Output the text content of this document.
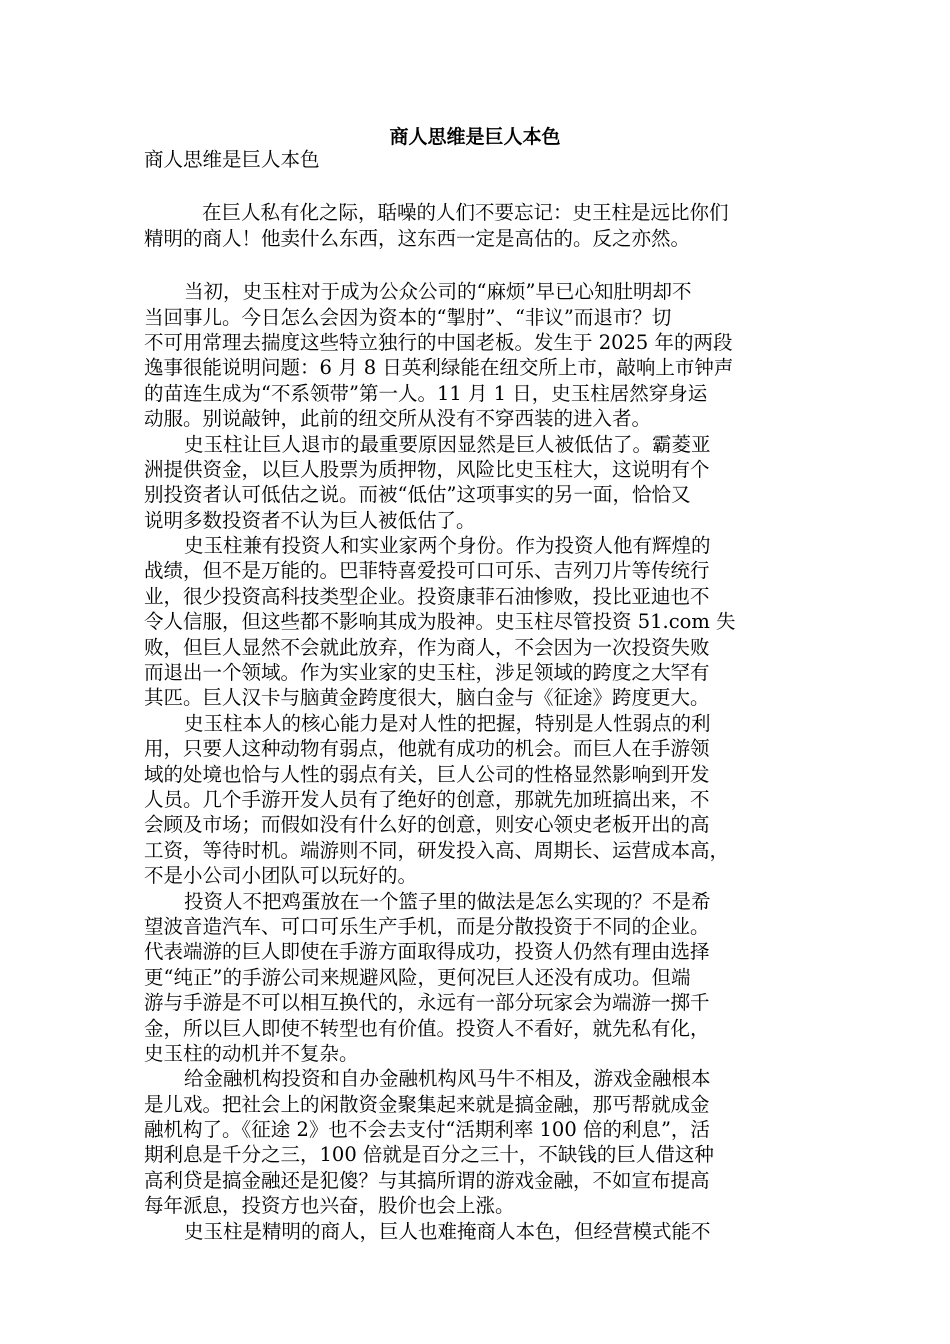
商人思维是巨人本色
商人思维是巨人本色
在巨人私有化之际，聒噪的人们不要忘记：史王柱是远比你们
精明的商人！他卖什么东西，这东西一定是高估的。反之亦然。
当初，史玉柱对于成为公众公司的“麻烦”早已心知肚明却不
当回事儿。今日怎么会因为资本的“掣肘”、“非议”而退市？切
不可用常理去揣度这些特立独行的中国老板。发生于 2025 年的两段
逸事很能说明问题：6 月 8 日英利绿能在纽交所上市，敲响上市钟声
的苗连生成为“不系领带”第一人。11 月 1 日，史玉柱居然穿身运
动服。别说敲钟，此前的纽交所从没有不穿西装的进入者。
史玉柱让巨人退市的最重要原因显然是巨人被低估了。霸菱亚
洲提供资金，以巨人股票为质押物，风险比史玉柱大，这说明有个
别投资者认可低估之说。而被“低估”这项事实的另一面，恰恰又
说明多数投资者不认为巨人被低估了。
史玉柱兼有投资人和实业家两个身份。作为投资人他有辉煌的
战绩，但不是万能的。巴菲特喜爱投可口可乐、吉列刀片等传统行
业，很少投资高科技类型企业。投资康菲石油惨败，投比亚迪也不
令人信服，但这些都不影响其成为股神。史玉柱尽管投资 51.com 失
败，但巨人显然不会就此放弃，作为商人，不会因为一次投资失败
而退出一个领域。作为实业家的史玉柱，涉足领域的跨度之大罕有
其匹。巨人汉卡与脑黄金跨度很大，脑白金与《征途》跨度更大。
史玉柱本人的核心能力是对人性的把握，特别是人性弱点的利
用，只要人这种动物有弱点，他就有成功的机会。而巨人在手游领
域的处境也恰与人性的弱点有关，巨人公司的性格显然影响到开发
人员。几个手游开发人员有了绝好的创意，那就先加班搞出来，不
会顾及市场；而假如没有什么好的创意，则安心领史老板开出的高
工资，等待时机。端游则不同，研发投入高、周期长、运营成本高，
不是小公司小团队可以玩好的。
投资人不把鸡蛋放在一个篮子里的做法是怎么实现的？不是希
望波音造汽车、可口可乐生产手机，而是分散投资于不同的企业。
代表端游的巨人即使在手游方面取得成功，投资人仍然有理由选择
更“纯正”的手游公司来规避风险，更何况巨人还没有成功。但端
游与手游是不可以相互换代的，永远有一部分玩家会为端游一掷千
金，所以巨人即使不转型也有价值。投资人不看好，就先私有化，
史玉柱的动机并不复杂。
给金融机构投资和自办金融机构风马牛不相及，游戏金融根本
是儿戏。把社会上的闲散资金聚集起来就是搞金融，那丐帮就成金
融机构了。《征途 2》也不会去支付“活期利率 100 倍的利息”，活
期利息是千分之三，100 倍就是百分之三十，不缺钱的巨人借这种
高利贷是搞金融还是犯傻？与其搞所谓的游戏金融，不如宣布提高
每年派息，投资方也兴奋，股价也会上涨。
史玉柱是精明的商人，巨人也难掩商人本色，但经营模式能不
